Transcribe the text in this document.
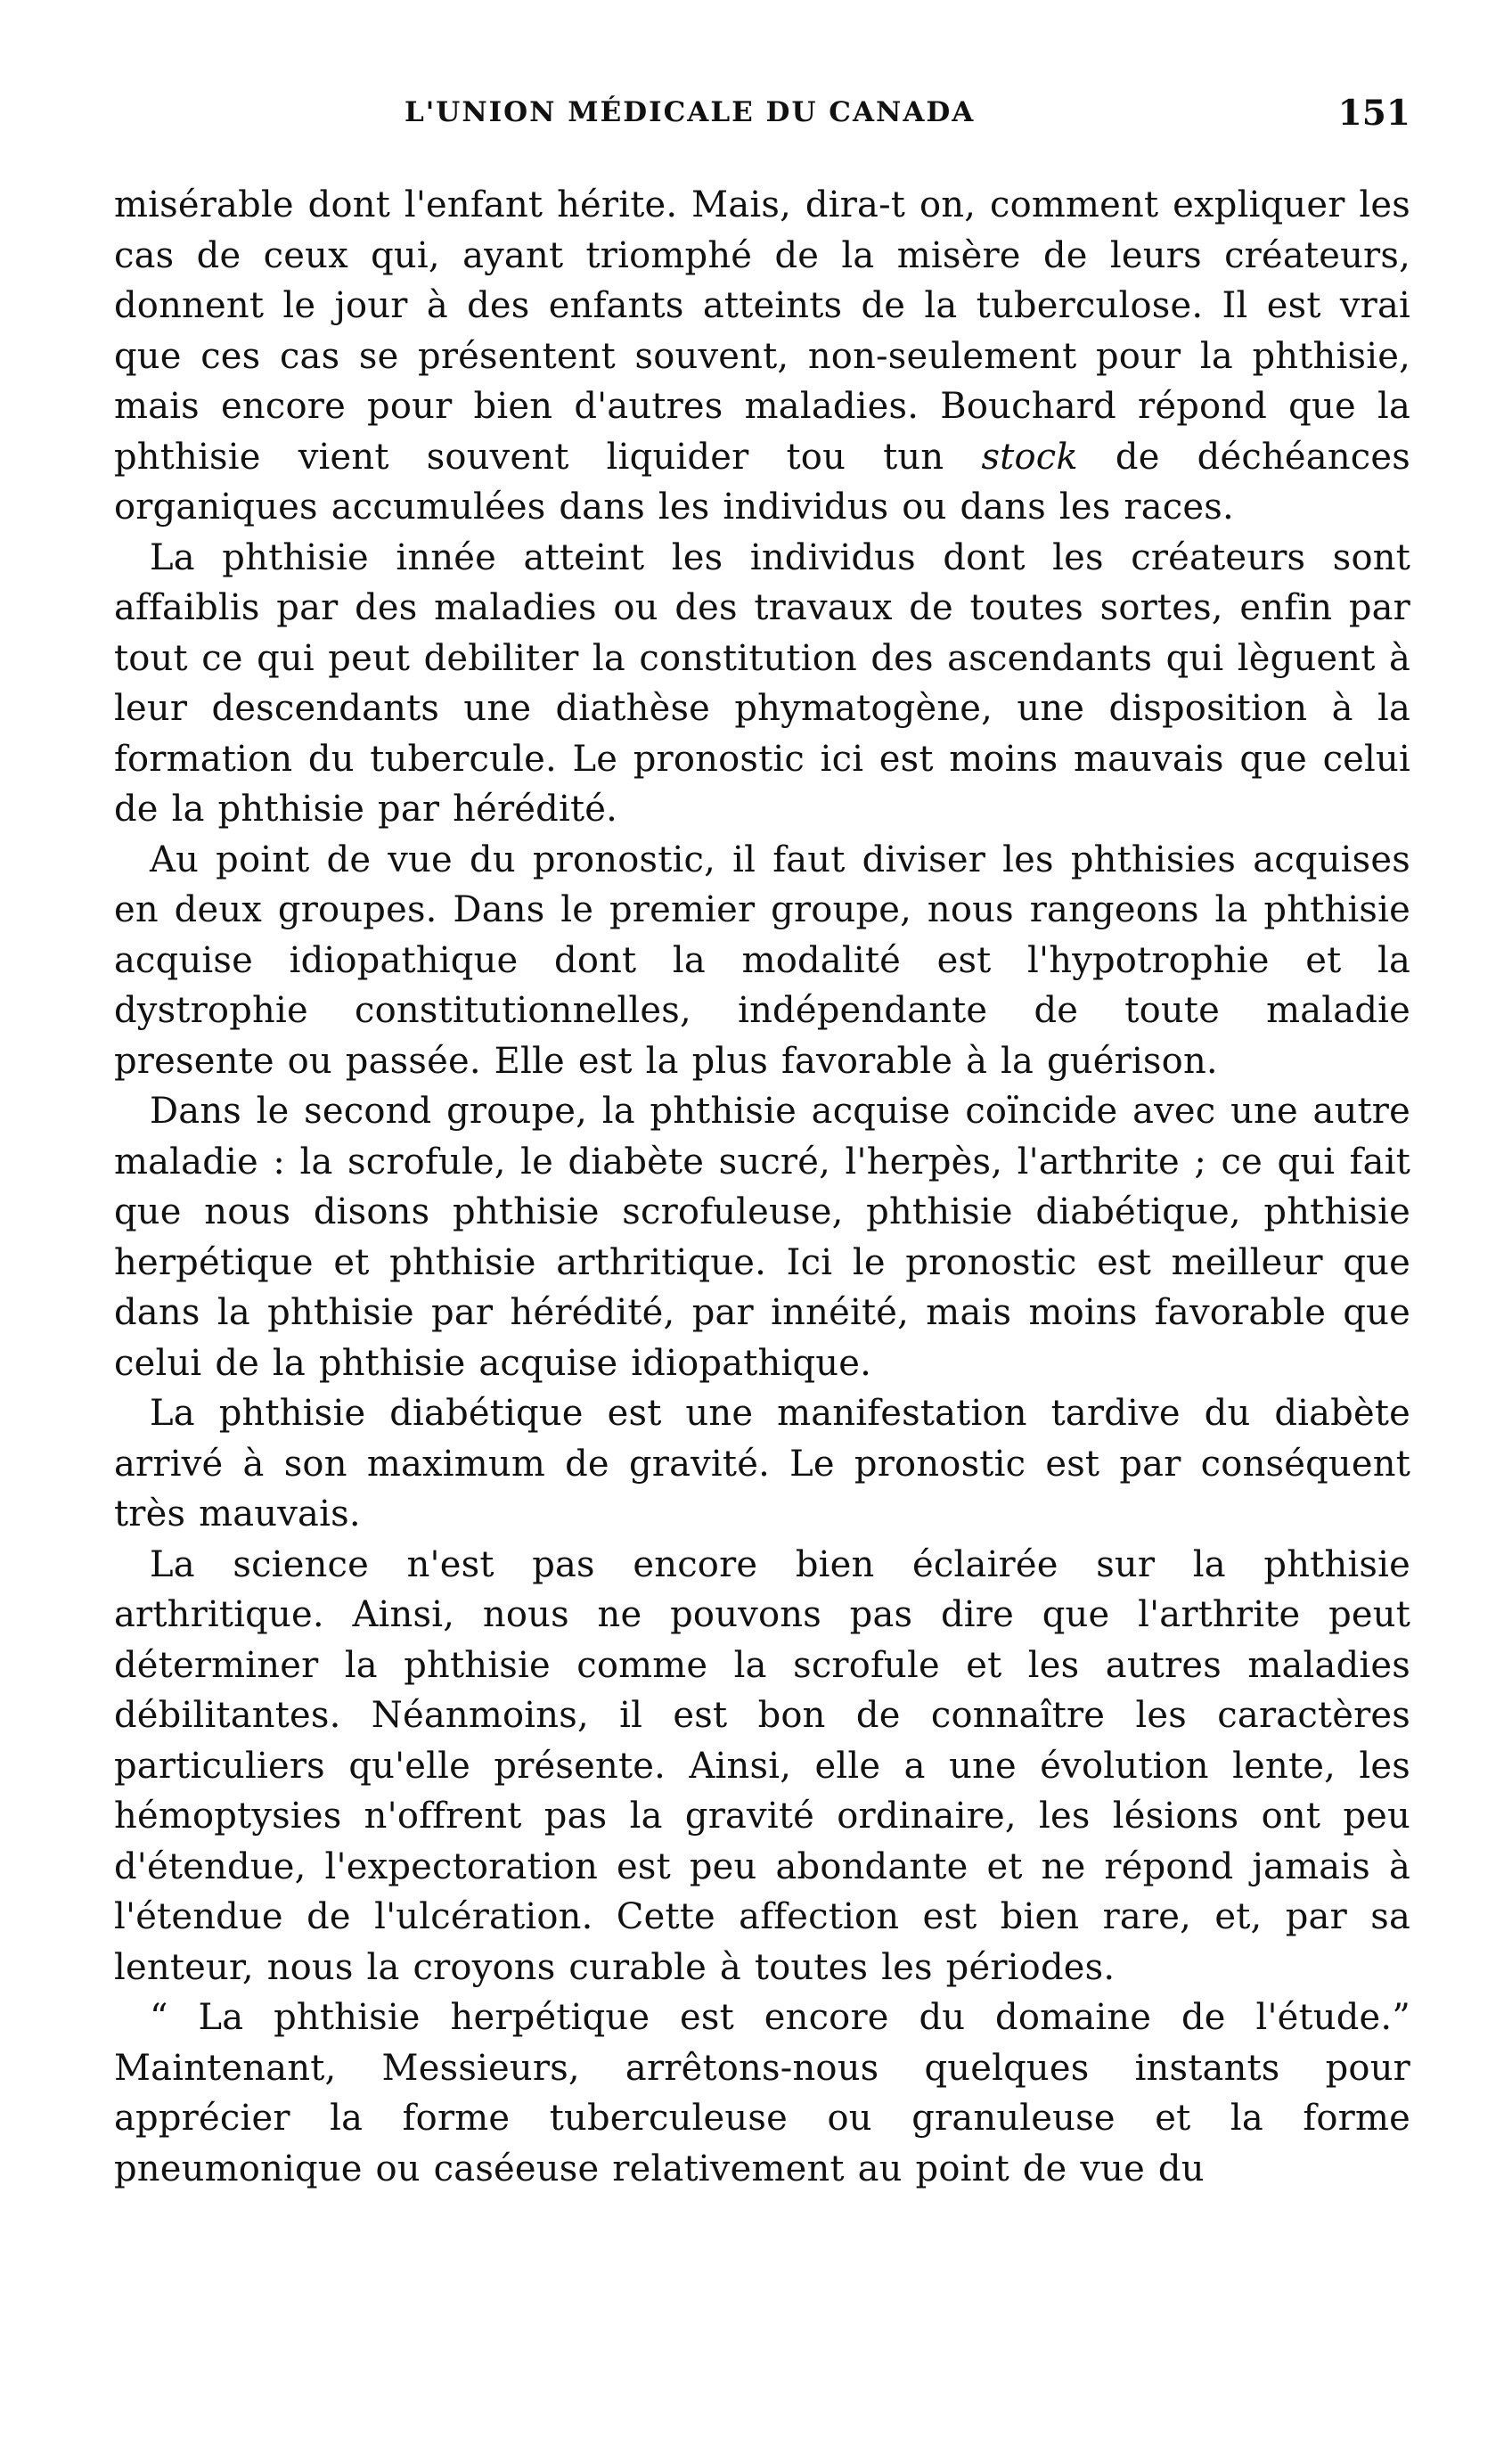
L'UNION MÉDICALE DU CANADA	151

misérable dont l'enfant hérite. Mais, dira-t on, comment expliquer les cas de ceux qui, ayant triomphé de la misère de leurs créateurs, donnent le jour à des enfants atteints de la tuberculose. Il est vrai que ces cas se présentent souvent, non-seulement pour la phthisie, mais encore pour bien d'autres maladies. Bouchard répond que la phthisie vient souvent liquider tou tun stock de déchéances organiques accumulées dans les individus ou dans les races.

La phthisie innée atteint les individus dont les créateurs sont affaiblis par des maladies ou des travaux de toutes sortes, enfin par tout ce qui peut debiliter la constitution des ascendants qui lèguent à leur descendants une diathèse phymatogène, une disposition à la formation du tubercule. Le pronostic ici est moins mauvais que celui de la phthisie par hérédité.

Au point de vue du pronostic, il faut diviser les phthisies acquises en deux groupes. Dans le premier groupe, nous rangeons la phthisie acquise idiopathique dont la modalité est l'hypotrophie et la dystrophie constitutionnelles, indépendante de toute maladie presente ou passée. Elle est la plus favorable à la guérison.

Dans le second groupe, la phthisie acquise coïncide avec une autre maladie : la scrofule, le diabète sucré, l'herpès, l'arthrite ; ce qui fait que nous disons phthisie scrofuleuse, phthisie diabétique, phthisie herpétique et phthisie arthritique. Ici le pronostic est meilleur que dans la phthisie par hérédité, par innéité, mais moins favorable que celui de la phthisie acquise idiopathique.

La phthisie diabétique est une manifestation tardive du diabète arrivé à son maximum de gravité. Le pronostic est par conséquent très mauvais.

La science n'est pas encore bien éclairée sur la phthisie arthritique. Ainsi, nous ne pouvons pas dire que l'arthrite peut déterminer la phthisie comme la scrofule et les autres maladies débilitantes. Néanmoins, il est bon de connaître les caractères particuliers qu'elle présente. Ainsi, elle a une évolution lente, les hémoptysies n'offrent pas la gravité ordinaire, les lésions ont peu d'étendue, l'expectoration est peu abondante et ne répond jamais à l'étendue de l'ulcération. Cette affection est bien rare, et, par sa lenteur, nous la croyons curable à toutes les périodes.

“ La phthisie herpétique est encore du domaine de l'étude.” Maintenant, Messieurs, arrêtons-nous quelques instants pour apprécier la forme tuberculeuse ou granuleuse et la forme pneumonique ou caséeuse relativement au point de vue du
